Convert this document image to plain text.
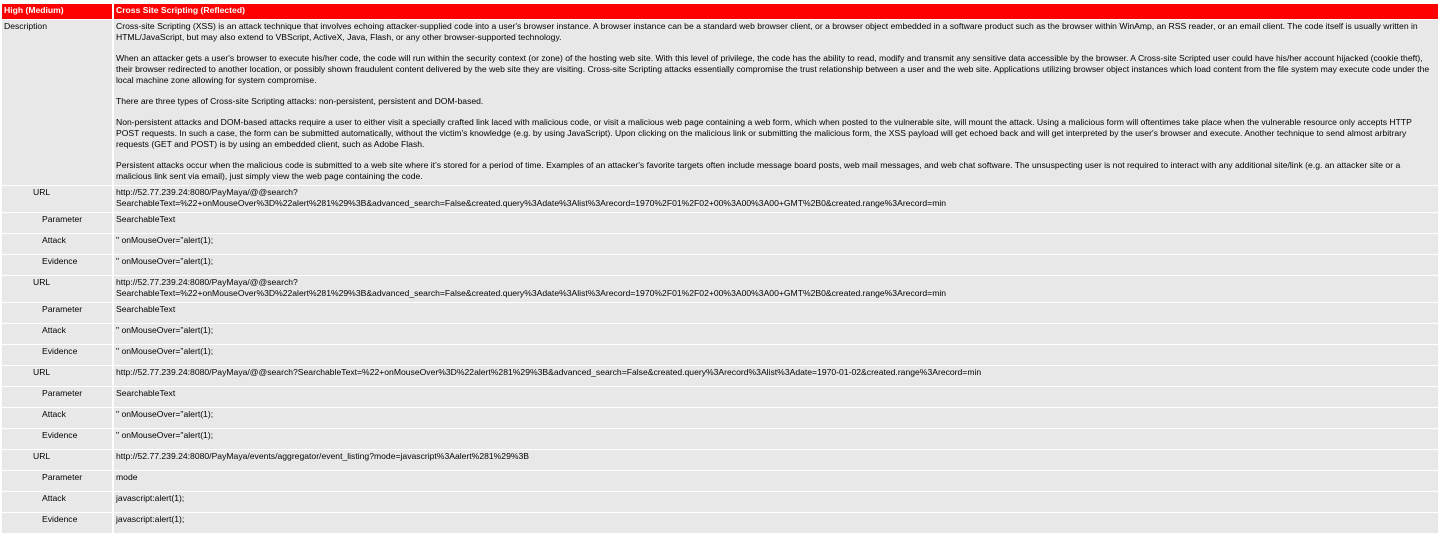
High (Medium)	Cross Site Scripting (Reflected)
Description	Cross-site Scripting (XSS) is an attack technique that involves echoing attacker-supplied code into a user's browser instance. A browser instance can be a standard web browser client, or a browser object embedded in a software product such as the browser within WinAmp, an RSS reader, or an email client. The code itself is usually written in HTML/JavaScript, but may also extend to VBScript, ActiveX, Java, Flash, or any other browser-supported technology.

When an attacker gets a user's browser to execute his/her code, the code will run within the security context (or zone) of the hosting web site. With this level of privilege, the code has the ability to read, modify and transmit any sensitive data accessible by the browser. A Cross-site Scripted user could have his/her account hijacked (cookie theft), their browser redirected to another location, or possibly shown fraudulent content delivered by the web site they are visiting. Cross-site Scripting attacks essentially compromise the trust relationship between a user and the web site. Applications utilizing browser object instances which load content from the file system may execute code under the local machine zone allowing for system compromise.

There are three types of Cross-site Scripting attacks: non-persistent, persistent and DOM-based.

Non-persistent attacks and DOM-based attacks require a user to either visit a specially crafted link laced with malicious code, or visit a malicious web page containing a web form, which when posted to the vulnerable site, will mount the attack. Using a malicious form will oftentimes take place when the vulnerable resource only accepts HTTP POST requests. In such a case, the form can be submitted automatically, without the victim's knowledge (e.g. by using JavaScript). Upon clicking on the malicious link or submitting the malicious form, the XSS payload will get echoed back and will get interpreted by the user's browser and execute. Another technique to send almost arbitrary requests (GET and POST) is by using an embedded client, such as Adobe Flash.

Persistent attacks occur when the malicious code is submitted to a web site where it's stored for a period of time. Examples of an attacker's favorite targets often include message board posts, web mail messages, and web chat software. The unsuspecting user is not required to interact with any additional site/link (e.g. an attacker site or a malicious link sent via email), just simply view the web page containing the code.

URL	http://52.77.239.24:8080/PayMaya/@@search?
SearchableText=%22+onMouseOver%3D%22alert%281%29%3B&advanced_search=False&created.query%3Adate%3Alist%3Arecord=1970%2F01%2F02+00%3A00%3A00+GMT%2B0&created.range%3Arecord=min

Parameter	SearchableText
Attack	" onMouseOver="alert(1);
Evidence	" onMouseOver="alert(1);
URL	http://52.77.239.24:8080/PayMaya/@@search?
SearchableText=%22+onMouseOver%3D%22alert%281%29%3B&advanced_search=False&created.query%3Adate%3Alist%3Arecord=1970%2F01%2F02+00%3A00%3A00+GMT%2B0&created.range%3Arecord=min

Parameter	SearchableText
Attack	" onMouseOver="alert(1);
Evidence	" onMouseOver="alert(1);
URL	http://52.77.239.24:8080/PayMaya/@@search?SearchableText=%22+onMouseOver%3D%22alert%281%29%3B&advanced_search=False&created.query%3Arecord%3Alist%3Adate=1970-01-02&created.range%3Arecord=min

Parameter	SearchableText
Attack	" onMouseOver="alert(1);
Evidence	" onMouseOver="alert(1);
URL	http://52.77.239.24:8080/PayMaya/events/aggregator/event_listing?mode=javascript%3Aalert%281%29%3B

Parameter	mode
Attack	javascript:alert(1);
Evidence	javascript:alert(1);
